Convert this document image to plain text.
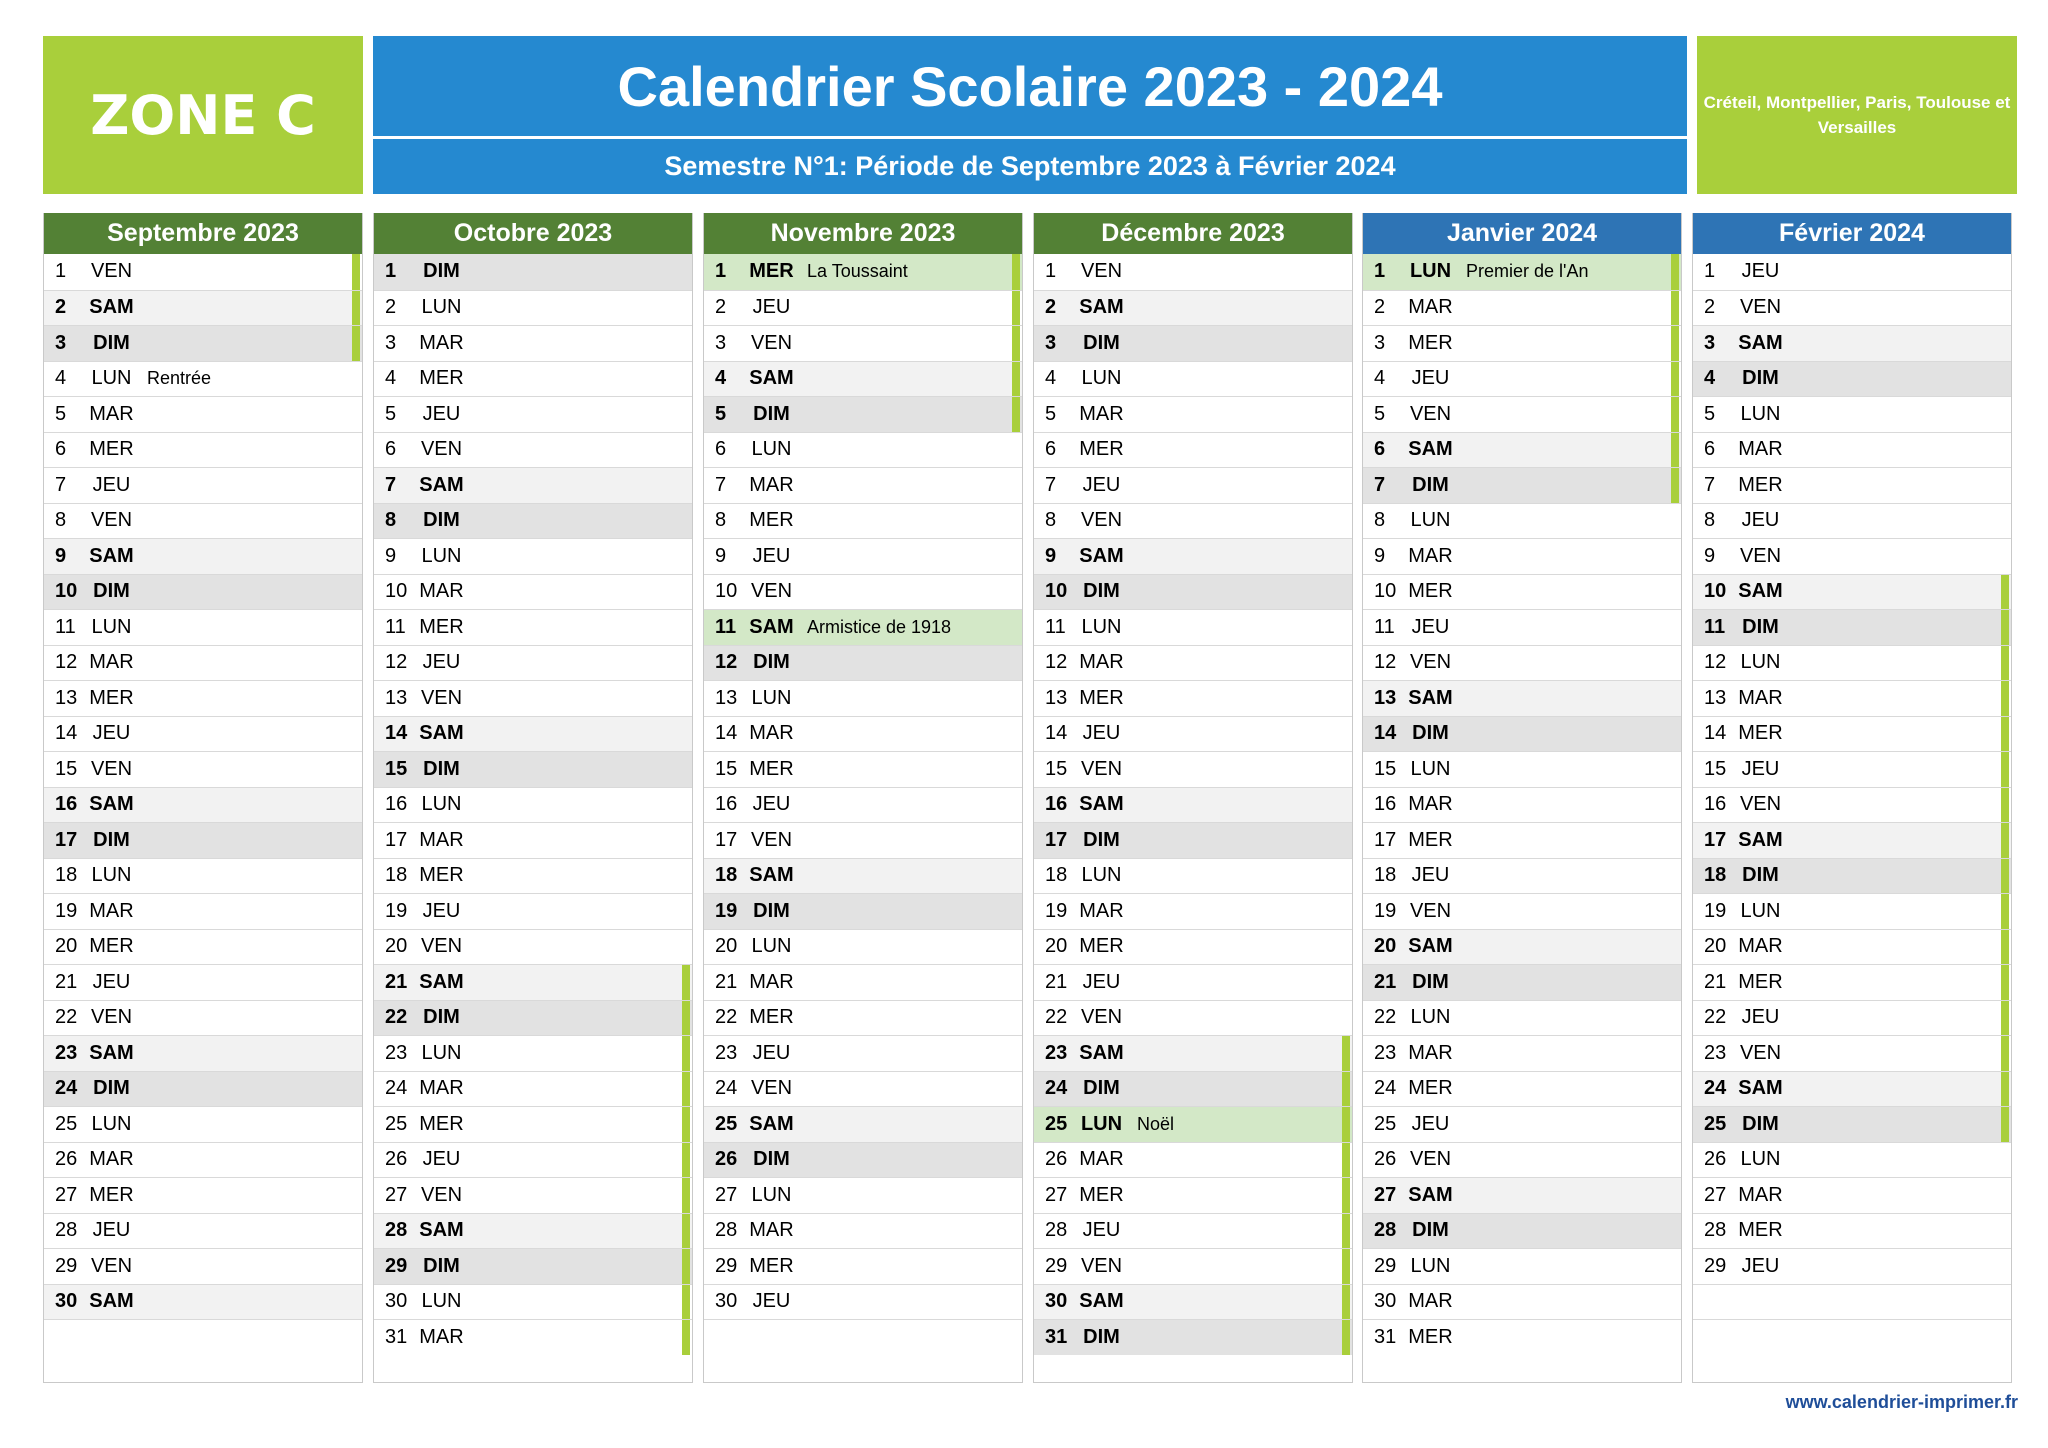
ZONE C	Calendrier Scolaire 2023 - 2024
Semestre N°1: Période de Septembre 2023 à Février 2024
Créteil, Montpellier, Paris, Toulouse et Versailles
Septembre 2023
1	VEN
2	SAM
3	DIM
4	LUN Rentrée
5	MAR
6	MER
7	JEU
8	VEN
9	SAM
10 DIM
11 LUN
12 MAR
13 MER
14 JEU
15 VEN
16 SAM
17 DIM
18 LUN
19 MAR
20 MER
21 JEU
22 VEN
23 SAM
24 DIM
25 LUN
26 MAR
27 MER
28 JEU
29 VEN
30 SAM
Octobre 2023
1	DIM
2	LUN
3	MAR
4	MER
5	JEU
6	VEN
7	SAM
8	DIM
9	LUN
10 MAR
11 MER
12 JEU
13 VEN
14 SAM
15 DIM
16 LUN
17 MAR
18 MER
19 JEU
20 VEN
21 SAM
22 DIM
23 LUN
24 MAR
25 MER
26 JEU
27 VEN
28 SAM
29 DIM
30 LUN
31 MAR
Novembre 2023
1	MER La Toussaint
2	JEU
3	VEN
4	SAM
5	DIM
6	LUN
7	MAR
8	MER
9	JEU
10 VEN
11 SAM Armistice de 1918
12 DIM
13 LUN
14 MAR
15 MER
16 JEU
17 VEN
18 SAM
19 DIM
20 LUN
21 MAR
22 MER
23 JEU
24 VEN
25 SAM
26 DIM
27 LUN
28 MAR
29 MER
30 JEU
Décembre 2023
1	VEN
2	SAM
3	DIM
4	LUN
5	MAR
6	MER
7	JEU
8	VEN
9	SAM
10 DIM
11 LUN
12 MAR
13 MER
14 JEU
15 VEN
16 SAM
17 DIM
18 LUN
19 MAR
20 MER
21 JEU
22 VEN
23 SAM
24 DIM
25 LUN Noël
26 MAR
27 MER
28 JEU
29 VEN
30 SAM
31 DIM
Janvier 2024
1	LUN Premier de l'An
2	MAR
3	MER
4	JEU
5	VEN
6	SAM
7	DIM
8	LUN
9	MAR
10 MER
11 JEU
12 VEN
13 SAM
14 DIM
15 LUN
16 MAR
17 MER
18 JEU
19 VEN
20 SAM
21 DIM
22 LUN
23 MAR
24 MER
25 JEU
26 VEN
27 SAM
28 DIM
29 LUN
30 MAR
31 MER
Février 2024
1	JEU
2	VEN
3	SAM
4	DIM
5	LUN
6	MAR
7	MER
8	JEU
9	VEN
10 SAM
11 DIM
12 LUN
13 MAR
14 MER
15 JEU
16 VEN
17 SAM
18 DIM
19 LUN
20 MAR
21 MER
22 JEU
23 VEN
24 SAM
25 DIM
26 LUN
27 MAR
28 MER
29 JEU
www.calendrier-imprimer.fr
